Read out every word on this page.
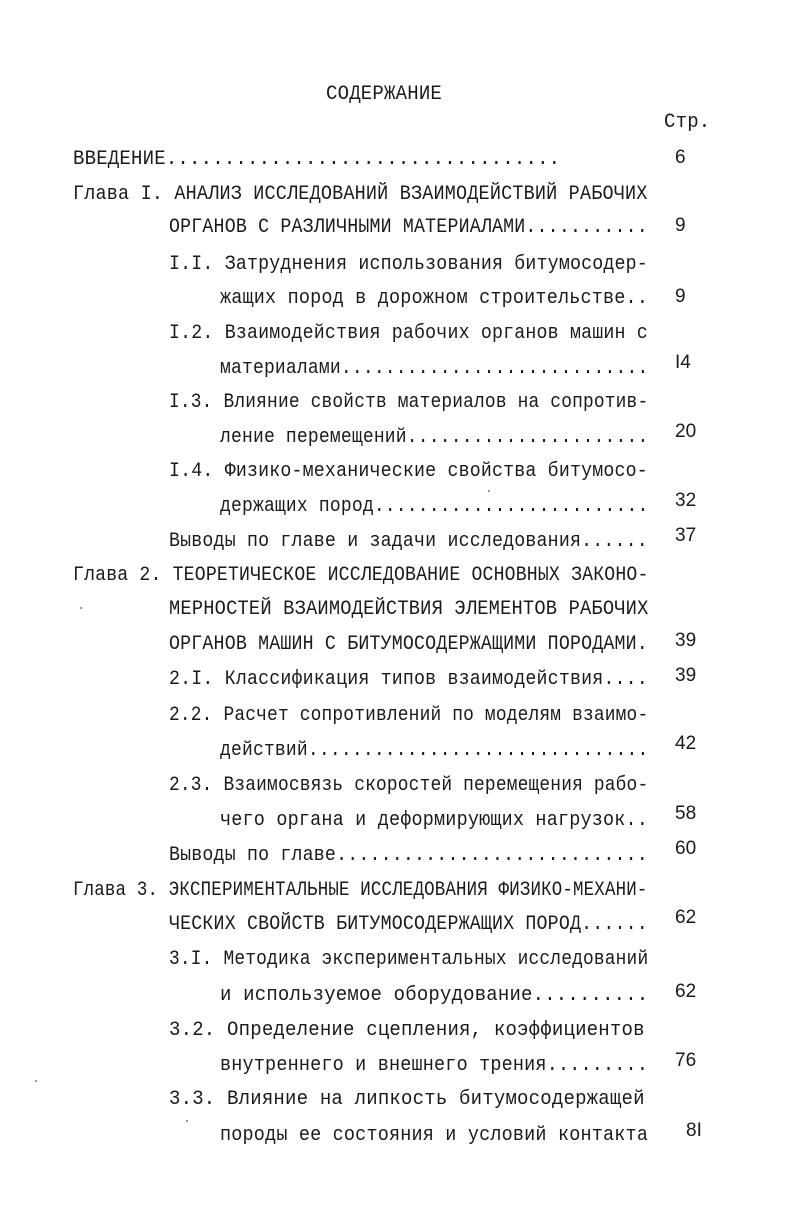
СОДЕРЖАНИЕ
Стр.
ВВЕДЕНИЕ..................................	6
Глава I. АНАЛИЗ ИССЛЕДОВАНИЙ ВЗАИМОДЕЙСТВИЙ РАБОЧИХ
ОРГАНОВ С РАЗЛИЧНЫМИ МАТЕРИАЛАМИ........... 9
I.I. Затруднения использования битумосодер-
жащих пород в дорожном строительстве.. 9
I.2. Взаимодействия рабочих органов машин с
материалами............................ I4
I.3. Влияние свойств материалов на сопротив-
ление перемещений...................... 20
I.4. Физико-механические свойства битумосо-
держащих пород......................... 32
Выводы по главе и задачи исследования...... 37
Глава 2. ТЕОРЕТИЧЕСКОЕ ИССЛЕДОВАНИЕ ОСНОВНЫХ ЗАКОНО-
МЕРНОСТЕЙ ВЗАИМОДЕЙСТВИЯ ЭЛЕМЕНТОВ РАБОЧИХ
ОРГАНОВ МАШИН С БИТУМОСОДЕРЖАЩИМИ ПОРОДАМИ. 39
2.I. Классификация типов взаимодействия.... 39
2.2. Расчет сопротивлений по моделям взаимо-
действий............................... 42
2.3. Взаимосвязь скоростей перемещения рабо-
чего органа и деформирующих нагрузок.. 58
Выводы по главе............................ 60
Глава 3. ЭКСПЕРИМЕНТАЛЬНЫЕ ИССЛЕДОВАНИЯ ФИЗИКО-МЕХАНИ-
ЧЕСКИХ СВОЙСТВ БИТУМОСОДЕРЖАЩИХ ПОРОД...... 62
3.I. Методика экспериментальных исследований
и используемое оборудование.......... 62
3.2. Определение сцепления, коэффициентов
внутреннего и внешнего трения......... 76
3.3. Влияние на липкость битумосодержащей
породы ее состояния и условий контакта 8I
